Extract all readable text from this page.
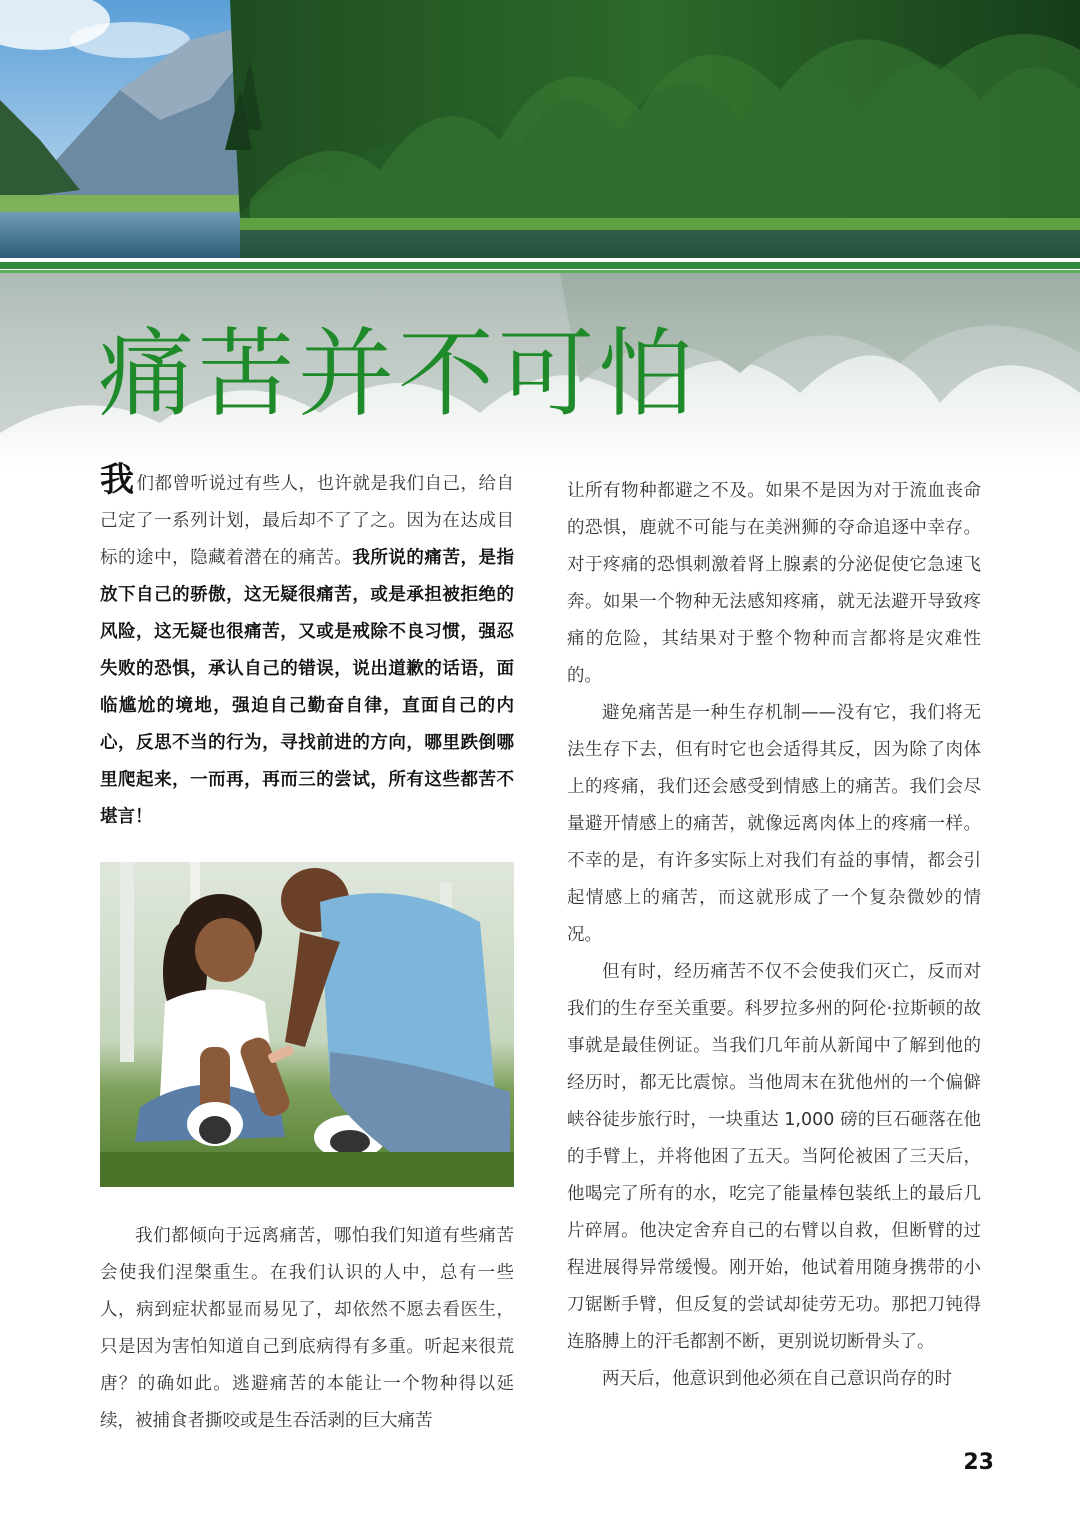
痛苦并不可怕

我们都曾听说过有些人，也许就是我们自己，给自己定了一系列计划，最后却不了了之。因为在达成目标的途中，隐藏着潜在的痛苦。我所说的痛苦，是指放下自己的骄傲，这无疑很痛苦，或是承担被拒绝的风险，这无疑也很痛苦，又或是戒除不良习惯，强忍失败的恐惧，承认自己的错误，说出道歉的话语，面临尴尬的境地，强迫自己勤奋自律，直面自己的内心，反思不当的行为，寻找前进的方向，哪里跌倒哪里爬起来，一而再，再而三的尝试，所有这些都苦不堪言！

我们都倾向于远离痛苦，哪怕我们知道有些痛苦会使我们涅槃重生。在我们认识的人中，总有一些人，病到症状都显而易见了，却依然不愿去看医生，只是因为害怕知道自己到底病得有多重。听起来很荒唐？的确如此。逃避痛苦的本能让一个物种得以延续，被捕食者撕咬或是生吞活剥的巨大痛苦

让所有物种都避之不及。如果不是因为对于流血丧命的恐惧，鹿就不可能与在美洲狮的夺命追逐中幸存。对于疼痛的恐惧刺激着肾上腺素的分泌促使它急速飞奔。如果一个物种无法感知疼痛，就无法避开导致疼痛的危险，其结果对于整个物种而言都将是灾难性的。

避免痛苦是一种生存机制——没有它，我们将无法生存下去，但有时它也会适得其反，因为除了肉体上的疼痛，我们还会感受到情感上的痛苦。我们会尽量避开情感上的痛苦，就像远离肉体上的疼痛一样。不幸的是，有许多实际上对我们有益的事情，都会引起情感上的痛苦，而这就形成了一个复杂微妙的情况。

但有时，经历痛苦不仅不会使我们灭亡，反而对我们的生存至关重要。科罗拉多州的阿伦·拉斯顿的故事就是最佳例证。当我们几年前从新闻中了解到他的经历时，都无比震惊。当他周末在犹他州的一个偏僻峡谷徒步旅行时，一块重达 1,000 磅的巨石砸落在他的手臂上，并将他困了五天。当阿伦被困了三天后，他喝完了所有的水，吃完了能量棒包装纸上的最后几片碎屑。他决定舍弃自己的右臂以自救，但断臂的过程进展得异常缓慢。刚开始，他试着用随身携带的小刀锯断手臂，但反复的尝试却徒劳无功。那把刀钝得连胳膊上的汗毛都割不断，更别说切断骨头了。

两天后，他意识到他必须在自己意识尚存的时

23
